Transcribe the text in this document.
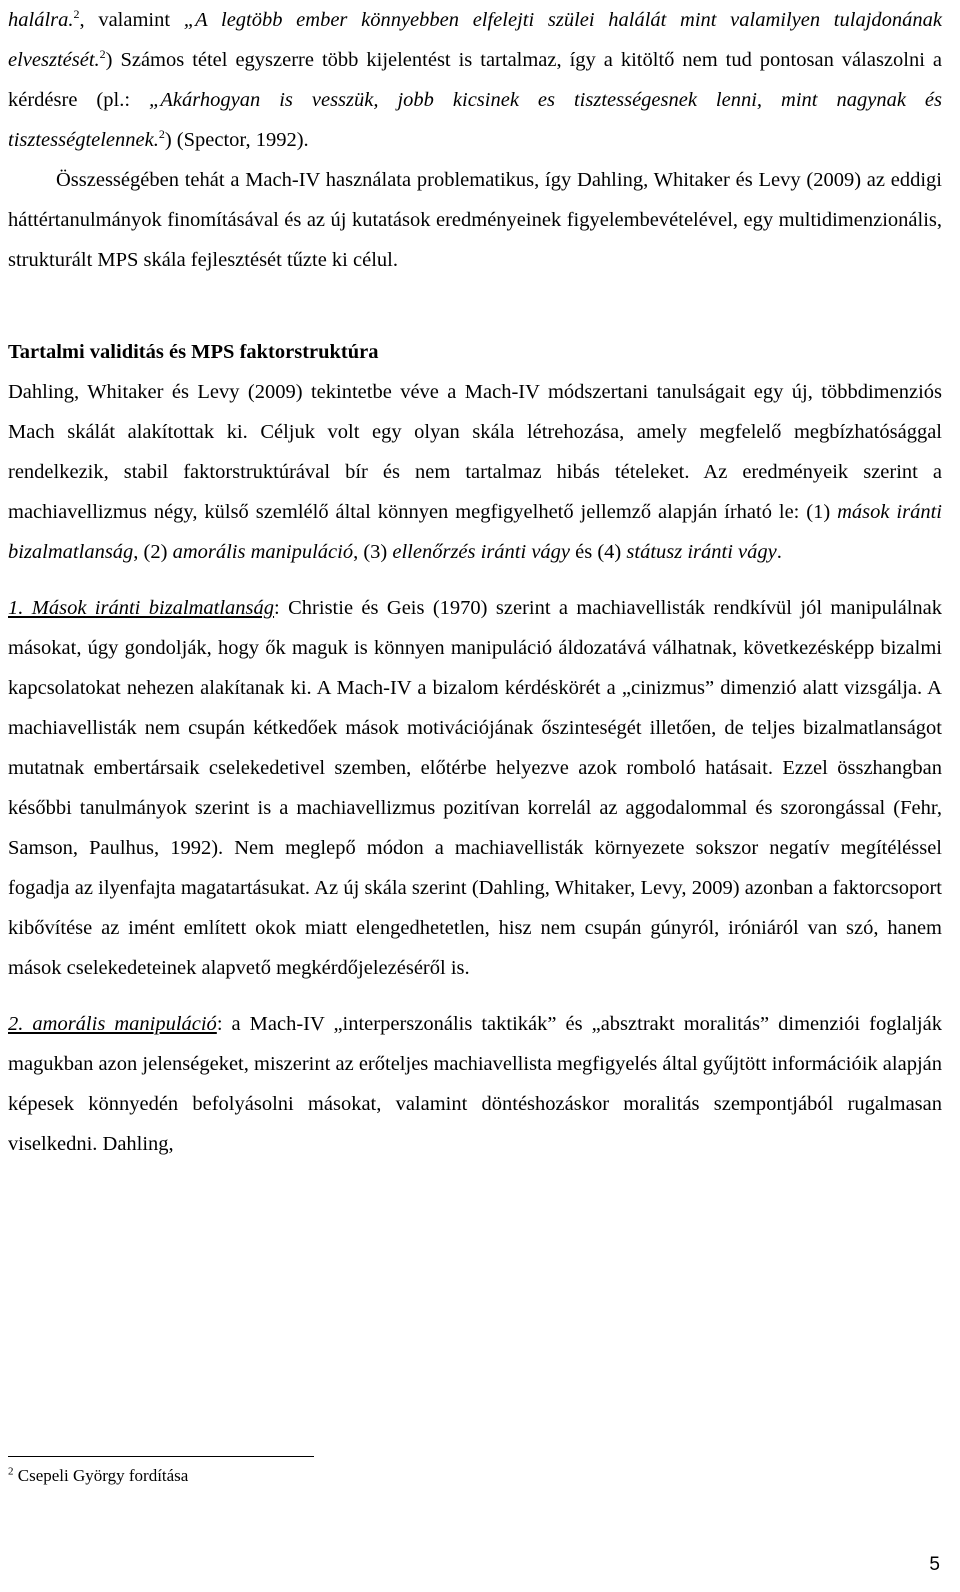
halálra.$^2$, valamint „A legtöbb ember könnyebben elfelejti szülei halálát mint valamilyen tulajdonának elvesztését.$^2$) Számos tétel egyszerre több kijelentést is tartalmaz, így a kitöltő nem tud pontosan válaszolni a kérdésre (pl.: „Akárhogyan is vesszük, jobb kicsinek es tisztességesnek lenni, mint nagynak és tisztességtelennek.$^2$) (Spector, 1992).

Összességében tehát a Mach-IV használata problematikus, így Dahling, Whitaker és Levy (2009) az eddigi háttértanulmányok finomításával és az új kutatások eredményeinek figyelembevételével, egy multidimenzionális, strukturált MPS skála fejlesztését tűzte ki célul.

Tartalmi validitás és MPS faktorstruktúra

Dahling, Whitaker és Levy (2009) tekintetbe véve a Mach-IV módszertani tanulságait egy új, többdimenziós Mach skálát alakítottak ki. Céljuk volt egy olyan skála létrehozása, amely megfelelő megbízhatósággal rendelkezik, stabil faktorstruktúrával bír és nem tartalmaz hibás tételeket. Az eredményeik szerint a machiavellizmus négy, külső szemlélő által könnyen megfigyelhető jellemző alapján írható le: (1) mások iránti bizalmatlanság, (2) amorális manipuláció, (3) ellenőrzés iránti vágy és (4) státusz iránti vágy.

1. Mások iránti bizalmatlanság: Christie és Geis (1970) szerint a machiavellisták rendkívül jól manipulálnak másokat, úgy gondolják, hogy ők maguk is könnyen manipuláció áldozatává válhatnak, következésképp bizalmi kapcsolatokat nehezen alakítanak ki. A Mach-IV a bizalom kérdéskörét a „cinizmus” dimenzió alatt vizsgálja. A machiavellisták nem csupán kétkedőek mások motivációjának őszinteségét illetően, de teljes bizalmatlanságot mutatnak embertársaik cselekedetivel szemben, előtérbe helyezve azok romboló hatásait. Ezzel összhangban későbbi tanulmányok szerint is a machiavellizmus pozitívan korrelál az aggodalommal és szorongással (Fehr, Samson, Paulhus, 1992). Nem meglepő módon a machiavellisták környezete sokszor negatív megítéléssel fogadja az ilyenfajta magatartásukat. Az új skála szerint (Dahling, Whitaker, Levy, 2009) azonban a faktorcsoport kibővítése az imént említett okok miatt elengedhetetlen, hisz nem csupán gúnyról, iróniáról van szó, hanem mások cselekedeteinek alapvető megkérdőjelezéséről is.

2. amorális manipuláció: a Mach-IV „interperszonális taktikák” és „absztrakt moralitás” dimenziói foglalják magukban azon jelenségeket, miszerint az erőteljes machiavellista megfigyelés által gyűjtött információik alapján képesek könnyedén befolyásolni másokat, valamint döntéshozáskor moralitás szempontjából rugalmasan viselkedni. Dahling,

$^2$ Csepeli György fordítása
5
